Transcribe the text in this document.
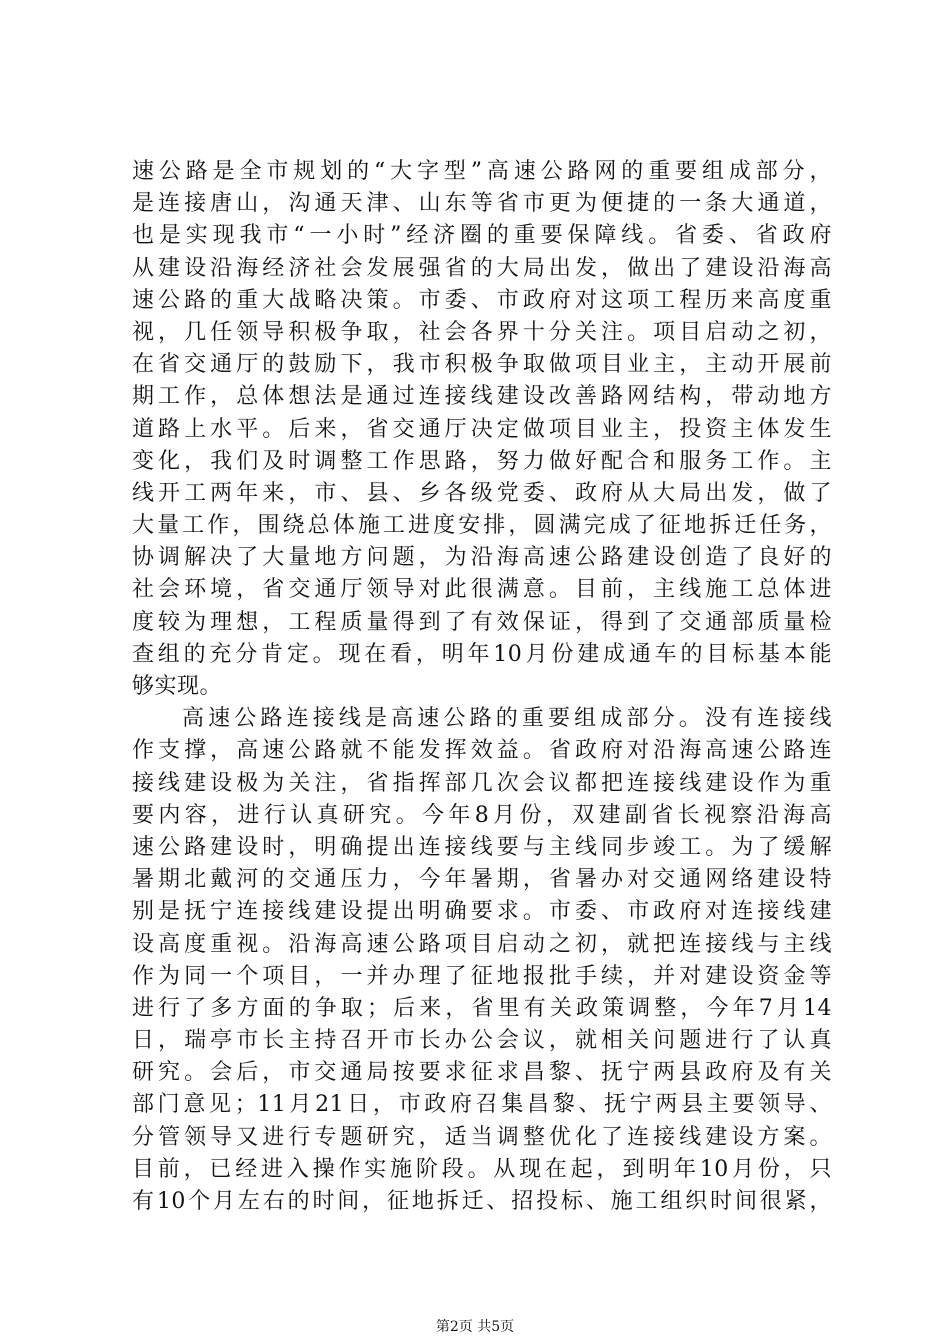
速公路是全市规划的“大字型”高速公路网的重要组成部分，
是连接唐山，沟通天津、山东等省市更为便捷的一条大通道，
也是实现我市“一小时”经济圈的重要保障线。省委、省政府
从建设沿海经济社会发展强省的大局出发，做出了建设沿海高
速公路的重大战略决策。市委、市政府对这项工程历来高度重
视，几任领导积极争取，社会各界十分关注。项目启动之初，
在省交通厅的鼓励下，我市积极争取做项目业主，主动开展前
期工作，总体想法是通过连接线建设改善路网结构，带动地方
道路上水平。后来，省交通厅决定做项目业主，投资主体发生
变化，我们及时调整工作思路，努力做好配合和服务工作。主
线开工两年来，市、县、乡各级党委、政府从大局出发，做了
大量工作，围绕总体施工进度安排，圆满完成了征地拆迁任务，
协调解决了大量地方问题，为沿海高速公路建设创造了良好的
社会环境，省交通厅领导对此很满意。目前，主线施工总体进
度较为理想，工程质量得到了有效保证，得到了交通部质量检
查组的充分肯定。现在看，明年10月份建成通车的目标基本能
够实现。
高速公路连接线是高速公路的重要组成部分。没有连接线
作支撑，高速公路就不能发挥效益。省政府对沿海高速公路连
接线建设极为关注，省指挥部几次会议都把连接线建设作为重
要内容，进行认真研究。今年8月份，双建副省长视察沿海高
速公路建设时，明确提出连接线要与主线同步竣工。为了缓解
暑期北戴河的交通压力，今年暑期，省暑办对交通网络建设特
别是抚宁连接线建设提出明确要求。市委、市政府对连接线建
设高度重视。沿海高速公路项目启动之初，就把连接线与主线
作为同一个项目，一并办理了征地报批手续，并对建设资金等
进行了多方面的争取；后来，省里有关政策调整，今年7月14
日，瑞亭市长主持召开市长办公会议，就相关问题进行了认真
研究。会后，市交通局按要求征求昌黎、抚宁两县政府及有关
部门意见；11月21日，市政府召集昌黎、抚宁两县主要领导、
分管领导又进行专题研究，适当调整优化了连接线建设方案。
目前，已经进入操作实施阶段。从现在起，到明年10月份，只
有10个月左右的时间，征地拆迁、招投标、施工组织时间很紧，
第2页 共5页
